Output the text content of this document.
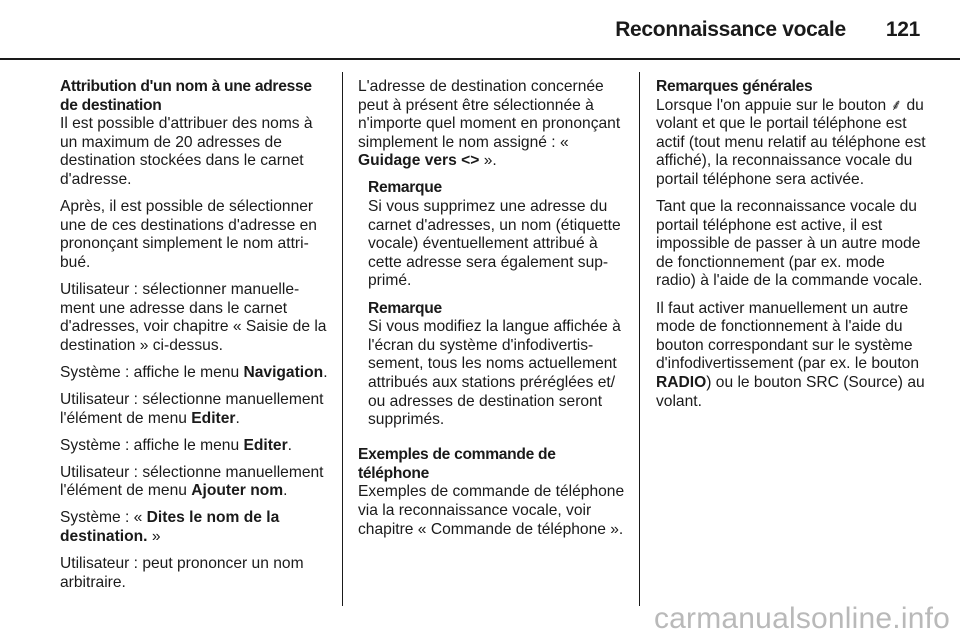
Reconnaissance vocale 121
Attribution d'un nom à une adresse de destination

Il est possible d'attribuer des noms à un maximum de 20 adresses de destination stockées dans le carnet d'adresse.

Après, il est possible de sélectionner une de ces destinations d'adresse en prononçant simplement le nom attribué.

Utilisateur : sélectionner manuellement une adresse dans le carnet d'adresses, voir chapitre « Saisie de la destination » ci-dessus.

Système : affiche le menu Navigation.

Utilisateur : sélectionne manuellement l'élément de menu Editer.

Système : affiche le menu Editer.

Utilisateur : sélectionne manuellement l'élément de menu Ajouter nom.

Système : « Dites le nom de la destination. »

Utilisateur : peut prononcer un nom arbitraire.

L'adresse de destination concernée peut à présent être sélectionnée à n'importe quel moment en prononçant simplement le nom assigné : « Guidage vers <> ».

Remarque

Si vous supprimez une adresse du carnet d'adresses, un nom (étiquette vocale) éventuellement attribué à cette adresse sera également supprimé.

Remarque

Si vous modifiez la langue affichée à l'écran du système d'infodivertissement, tous les noms actuellement attribués aux stations préréglées et/ ou adresses de destination seront supprimés.

Exemples de commande de téléphone

Exemples de commande de téléphone via la reconnaissance vocale, voir chapitre « Commande de téléphone ».

Remarques générales

Lorsque l'on appuie sur le bouton ⸙ du volant et que le portail téléphone est actif (tout menu relatif au téléphone est affiché), la reconnaissance vocale du portail téléphone sera activée.

Tant que la reconnaissance vocale du portail téléphone est active, il est impossible de passer à un autre mode de fonctionnement (par ex. mode radio) à l'aide de la commande vocale.

Il faut activer manuellement un autre mode de fonctionnement à l'aide du bouton correspondant sur le système d'infodivertissement (par ex. le bouton RADIO) ou le bouton SRC (Source) au volant.

carmanualsonline.info
